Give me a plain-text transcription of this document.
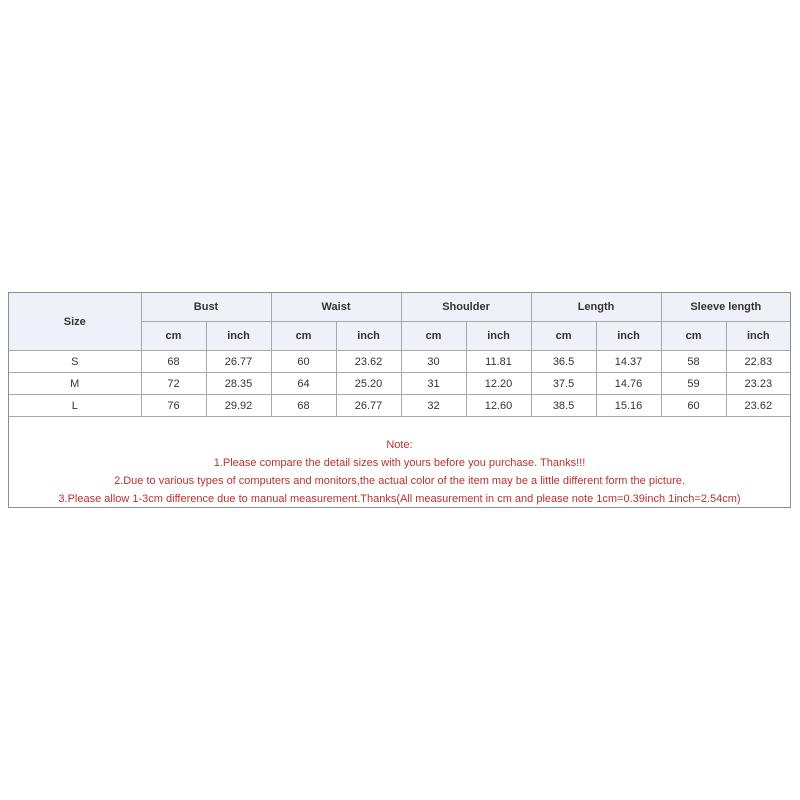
Size	Bust		Waist		Shoulder		Length		Sleeve length	
	cm	inch	cm	inch	cm	inch	cm	inch	cm	inch
S	68	26.77	60	23.62	30	11.81	36.5	14.37	58	22.83
M	72	28.35	64	25.20	31	12.20	37.5	14.76	59	23.23
L	76	29.92	68	26.77	32	12.60	38.5	15.16	60	23.62
Note:
1.Please compare the detail sizes with yours before you purchase. Thanks!!!
2.Due to various types of computers and monitors,the actual color of the item may be a little different form the picture.
3.Please allow 1-3cm difference due to manual measurement.Thanks(All measurement in cm and please note 1cm=0.39inch 1inch=2.54cm)
